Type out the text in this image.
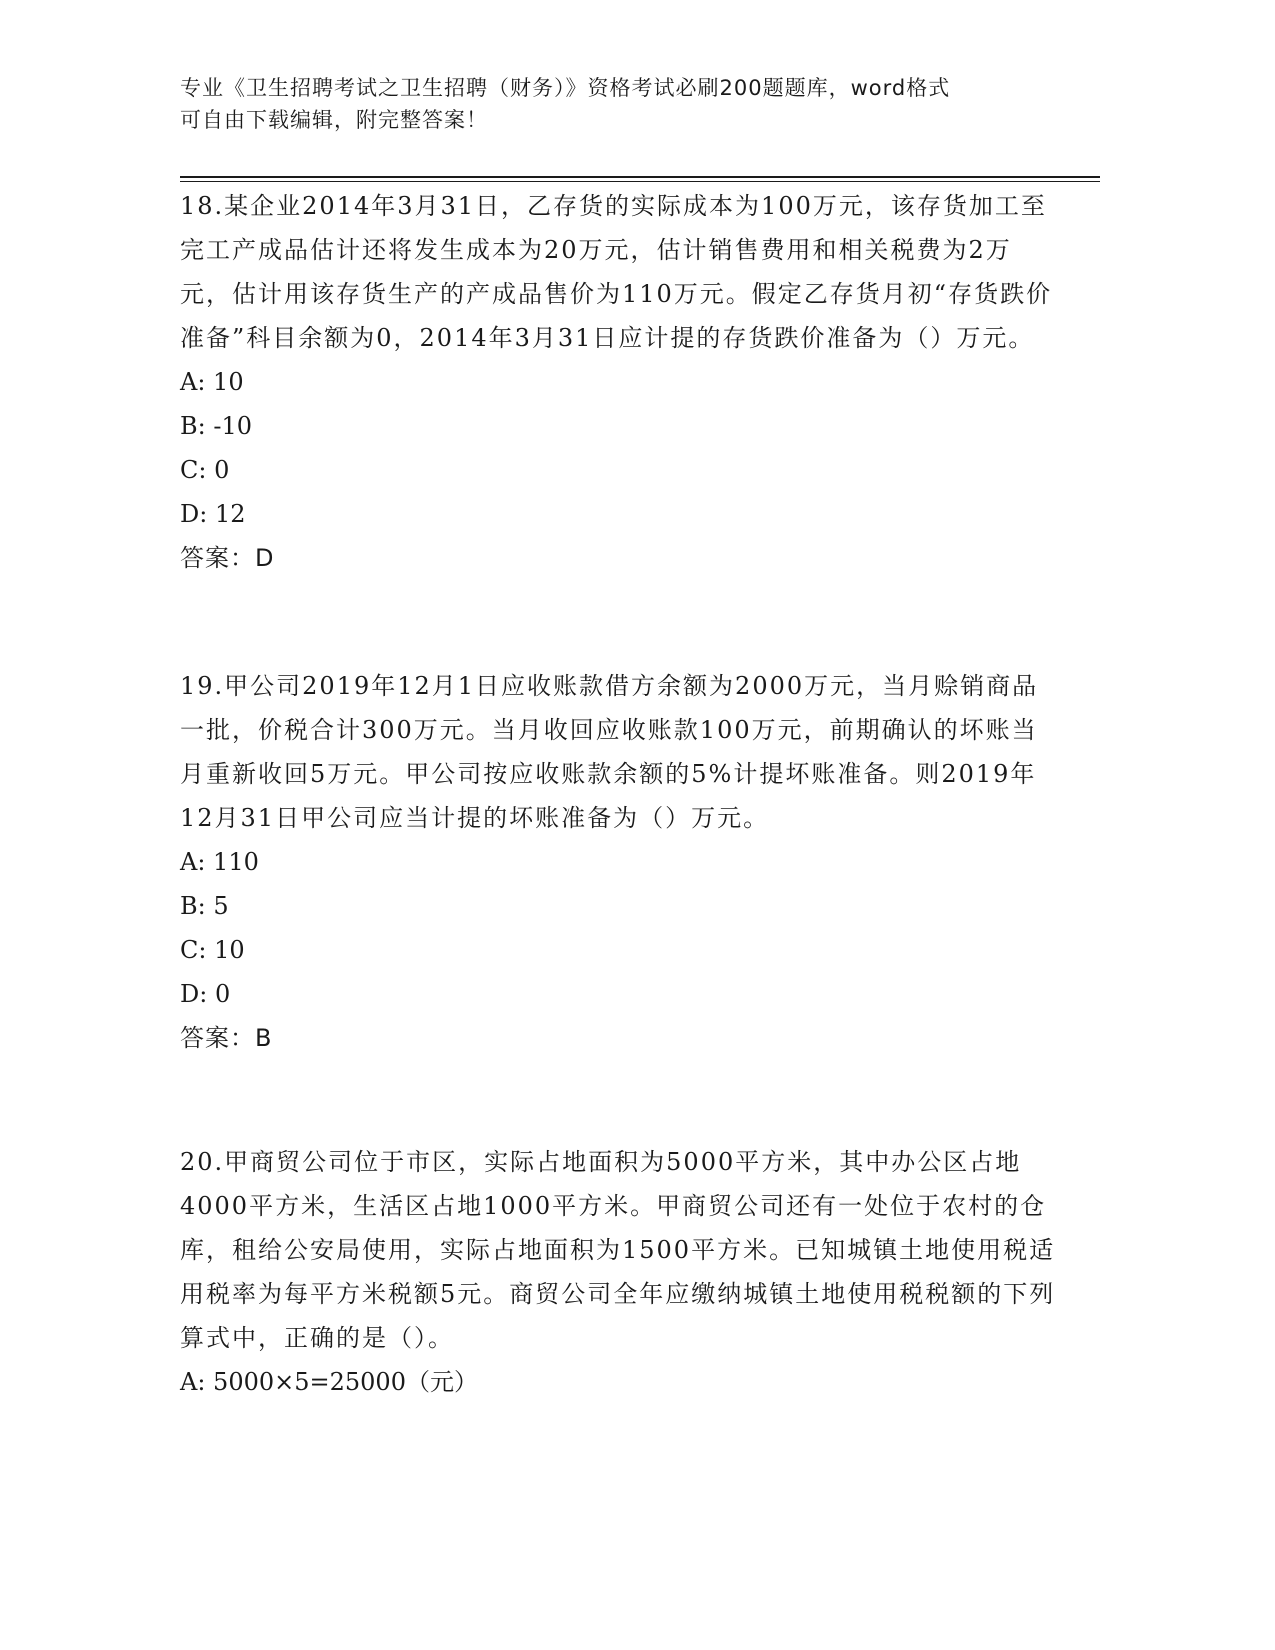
专业《卫生招聘考试之卫生招聘（财务）》资格考试必刷200题题库，word格式
可自由下载编辑，附完整答案！

18.某企业2014年3月31日，乙存货的实际成本为100万元，该存货加工至完工产成品估计还将发生成本为20万元，估计销售费用和相关税费为2万元，估计用该存货生产的产成品售价为110万元。假定乙存货月初“存货跌价准备”科目余额为0，2014年3月31日应计提的存货跌价准备为（）万元。

A: 10
B: -10
C: 0
D: 12
答案：D

19.甲公司2019年12月1日应收账款借方余额为2000万元，当月赊销商品一批，价税合计300万元。当月收回应收账款100万元，前期确认的坏账当月重新收回5万元。甲公司按应收账款余额的5%计提坏账准备。则2019年12月31日甲公司应当计提的坏账准备为（）万元。

A: 110
B: 5
C: 10
D: 0
答案：B

20.甲商贸公司位于市区，实际占地面积为5000平方米，其中办公区占地4000平方米，生活区占地1000平方米。甲商贸公司还有一处位于农村的仓库，租给公安局使用，实际占地面积为1500平方米。已知城镇土地使用税适用税率为每平方米税额5元。商贸公司全年应缴纳城镇土地使用税税额的下列算式中，正确的是（）。

A: 5000×5=25000（元）
